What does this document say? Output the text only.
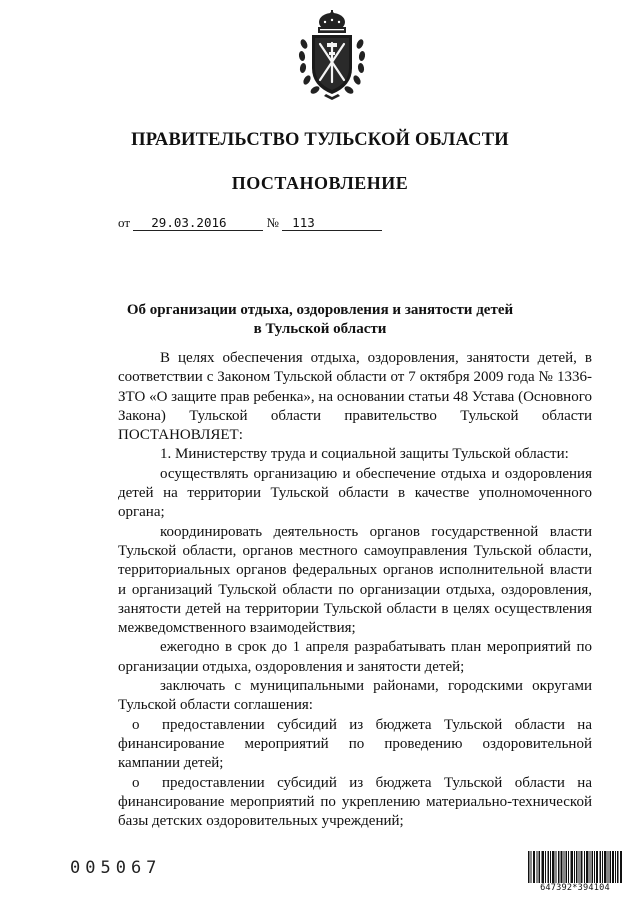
ПРАВИТЕЛЬСТВО ТУЛЬСКОЙ ОБЛАСТИ
ПОСТАНОВЛЕНИЕ
от 29.03.2016	№ 113
Об организации отдыха, оздоровления и занятости детей
в Тульской области

В целях обеспечения отдыха, оздоровления, занятости детей, в соответствии с Законом Тульской области от 7 октября 2009 года № 1336-ЗТО «О защите прав ребенка», на основании статьи 48 Устава (Основного Закона) Тульской области правительство Тульской области ПОСТАНОВЛЯЕТ:

1. Министерству труда и социальной защиты Тульской области:

осуществлять организацию и обеспечение отдыха и оздоровления детей на территории Тульской области в качестве уполномоченного органа;

координировать деятельность органов государственной власти Тульской области, органов местного самоуправления Тульской области, территориальных органов федеральных органов исполнительной власти и организаций Тульской области по организации отдыха, оздоровления, занятости детей на территории Тульской области в целях осуществления межведомственного взаимодействия;

ежегодно в срок до 1 апреля разрабатывать план мероприятий по организации отдыха, оздоровления и занятости детей;

заключать с муниципальными районами, городскими округами Тульской области соглашения:

о предоставлении субсидий из бюджета Тульской области на финансирование мероприятий по проведению оздоровительной кампании детей;

о предоставлении субсидий из бюджета Тульской области на финансирование мероприятий по укреплению материально-технической базы детских оздоровительных учреждений;

005067
647392*394104
